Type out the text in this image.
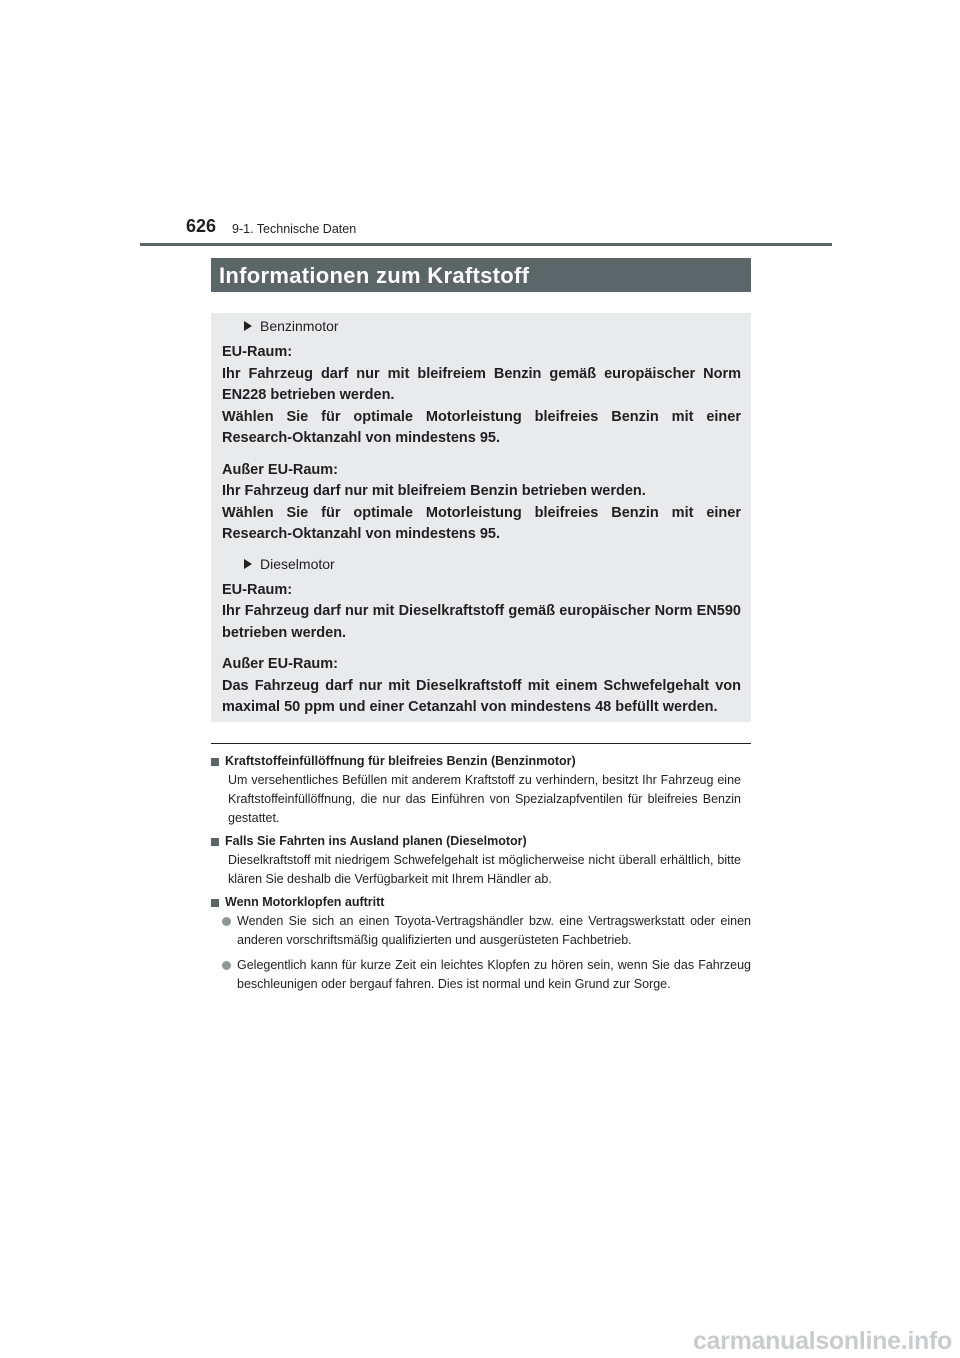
626 9-1. Technische Daten
Informationen zum Kraftstoff
Benzinmotor

EU-Raum:

Ihr Fahrzeug darf nur mit bleifreiem Benzin gemäß europäischer Norm EN228 betrieben werden.

Wählen Sie für optimale Motorleistung bleifreies Benzin mit einer Research-Oktanzahl von mindestens 95.

Außer EU-Raum:

Ihr Fahrzeug darf nur mit bleifreiem Benzin betrieben werden.

Wählen Sie für optimale Motorleistung bleifreies Benzin mit einer Research-Oktanzahl von mindestens 95.

Dieselmotor

EU-Raum:

Ihr Fahrzeug darf nur mit Dieselkraftstoff gemäß europäischer Norm EN590 betrieben werden.

Außer EU-Raum:

Das Fahrzeug darf nur mit Dieselkraftstoff mit einem Schwefelgehalt von maximal 50 ppm und einer Cetanzahl von mindestens 48 befüllt werden.

Kraftstoffeinfüllöffnung für bleifreies Benzin (Benzinmotor)
Um versehentliches Befüllen mit anderem Kraftstoff zu verhindern, besitzt Ihr Fahrzeug eine Kraftstoffeinfüllöffnung, die nur das Einführen von Spezialzapfventilen für bleifreies Benzin gestattet.
Falls Sie Fahrten ins Ausland planen (Dieselmotor)
Dieselkraftstoff mit niedrigem Schwefelgehalt ist möglicherweise nicht überall erhältlich, bitte klären Sie deshalb die Verfügbarkeit mit Ihrem Händler ab.
Wenn Motorklopfen auftritt
Wenden Sie sich an einen Toyota-Vertragshändler bzw. eine Vertragswerkstatt oder einen anderen vorschriftsmäßig qualifizierten und ausgerüsteten Fachbetrieb.
Gelegentlich kann für kurze Zeit ein leichtes Klopfen zu hören sein, wenn Sie das Fahrzeug beschleunigen oder bergauf fahren. Dies ist normal und kein Grund zur Sorge.
carmanualsonline.info
